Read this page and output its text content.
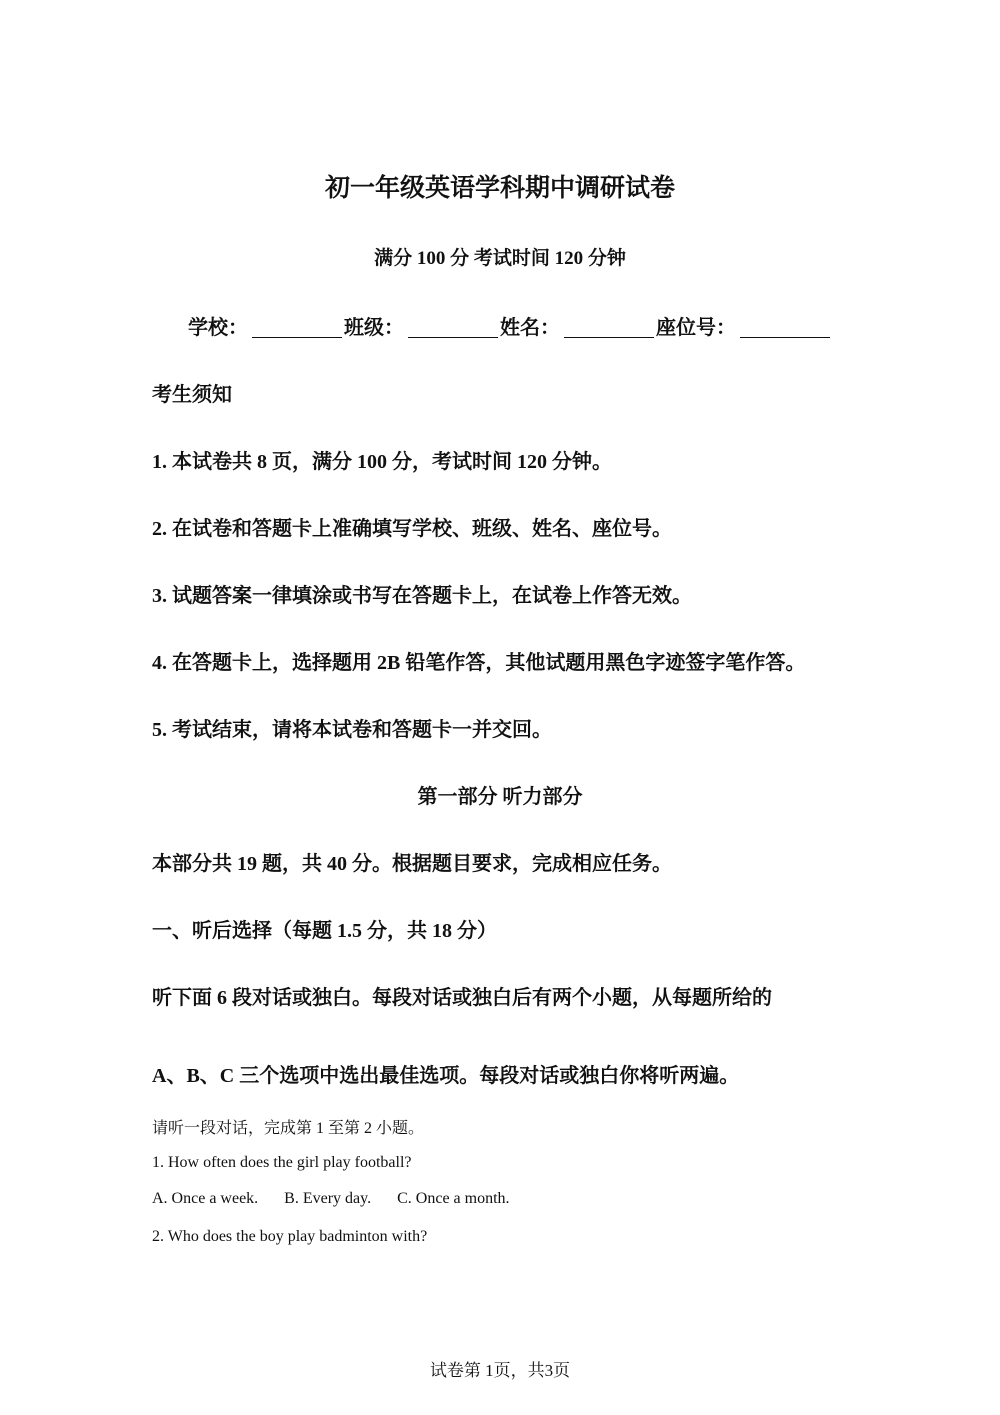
初一年级英语学科期中调研试卷
满分 100 分 考试时间 120 分钟
学校：	班级：	姓名：	座位号：
考生须知
1. 本试卷共 8 页，满分 100 分，考试时间 120 分钟。
2. 在试卷和答题卡上准确填写学校、班级、姓名、座位号。
3. 试题答案一律填涂或书写在答题卡上，在试卷上作答无效。
4. 在答题卡上，选择题用 2B 铅笔作答，其他试题用黑色字迹签字笔作答。
5. 考试结束，请将本试卷和答题卡一并交回。
第一部分 听力部分
本部分共 19 题，共 40 分。根据题目要求，完成相应任务。
一、听后选择（每题 1.5 分，共 18 分）
听下面 6 段对话或独白。每段对话或独白后有两个小题，从每题所给的
A、B、C 三个选项中选出最佳选项。每段对话或独白你将听两遍。
请听一段对话，完成第 1 至第 2 小题。
1. How often does the girl play football?
A. Once a week. B. Every day. C. Once a month.
2. Who does the boy play badminton with?
试卷第 1页，共3页
